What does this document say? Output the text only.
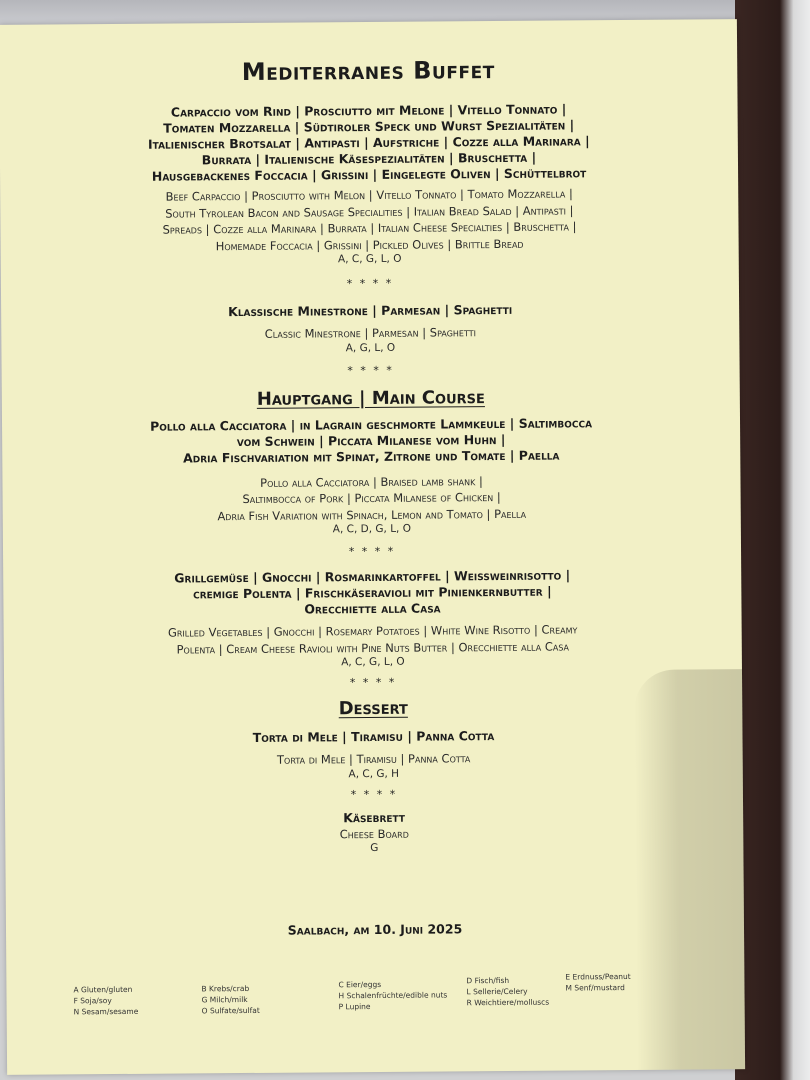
Mediterranes Buffet
Carpaccio vom Rind | Prosciutto mit Melone | Vitello Tonnato |
Tomaten Mozzarella | Südtiroler Speck und Wurst Spezialitäten |
Italienischer Brotsalat | Antipasti | Aufstriche | Cozze alla Marinara |
Burrata | Italienische Käsespezialitäten | Bruschetta |
Hausgebackenes Foccacia | Grissini | Eingelegte Oliven | Schüttelbrot
Beef Carpaccio | Prosciutto with Melon | Vitello Tonnato | Tomato Mozzarella |
South Tyrolean Bacon and Sausage Specialities | Italian Bread Salad | Antipasti |
Spreads | Cozze alla Marinara | Burrata | Italian Cheese Specialties | Bruschetta |
Homemade Foccacia | Grissini | Pickled Olives | Brittle Bread
A, C, G, L, O
* * * *
Klassische Minestrone | Parmesan | Spaghetti
Classic Minestrone | Parmesan | Spaghetti
A, G, L, O
* * * *
Hauptgang | Main Course
Pollo alla Cacciatora | in Lagrain geschmorte Lammkeule | Saltimbocca
vom Schwein | Piccata Milanese vom Huhn |
Adria Fischvariation mit Spinat, Zitrone und Tomate | Paella
Pollo alla Cacciatora | Braised lamb shank |
Saltimbocca of Pork | Piccata Milanese of Chicken |
Adria Fish Variation with Spinach, Lemon and Tomato | Paella
A, C, D, G, L, O
* * * *
Grillgemüse | Gnocchi | Rosmarinkartoffel | Weißweinrisotto |
cremige Polenta | Frischkäseravioli mit Pinienkernbutter |
Orecchiette alla Casa
Grilled Vegetables | Gnocchi | Rosemary Potatoes | White Wine Risotto | Creamy
Polenta | Cream Cheese Ravioli with Pine Nuts Butter | Orecchiette alla Casa
A, C, G, L, O
* * * *
Dessert
Torta di Mele | Tiramisu | Panna Cotta
Torta di Mele | Tiramisu | Panna Cotta
A, C, G, H
* * * *
Käsebrett
Cheese Board
G
Saalbach, am 10. Juni 2025
A Gluten/gluten
F Soja/soy
N Sesam/sesame
B Krebs/crab
G Milch/milk
O Sulfate/sulfat
C Eier/eggs
H Schalenfrüchte/edible nuts
P Lupine
D Fisch/fish
L Sellerie/Celery
R Weichtiere/molluscs
E Erdnuss/Peanut
M Senf/mustard
